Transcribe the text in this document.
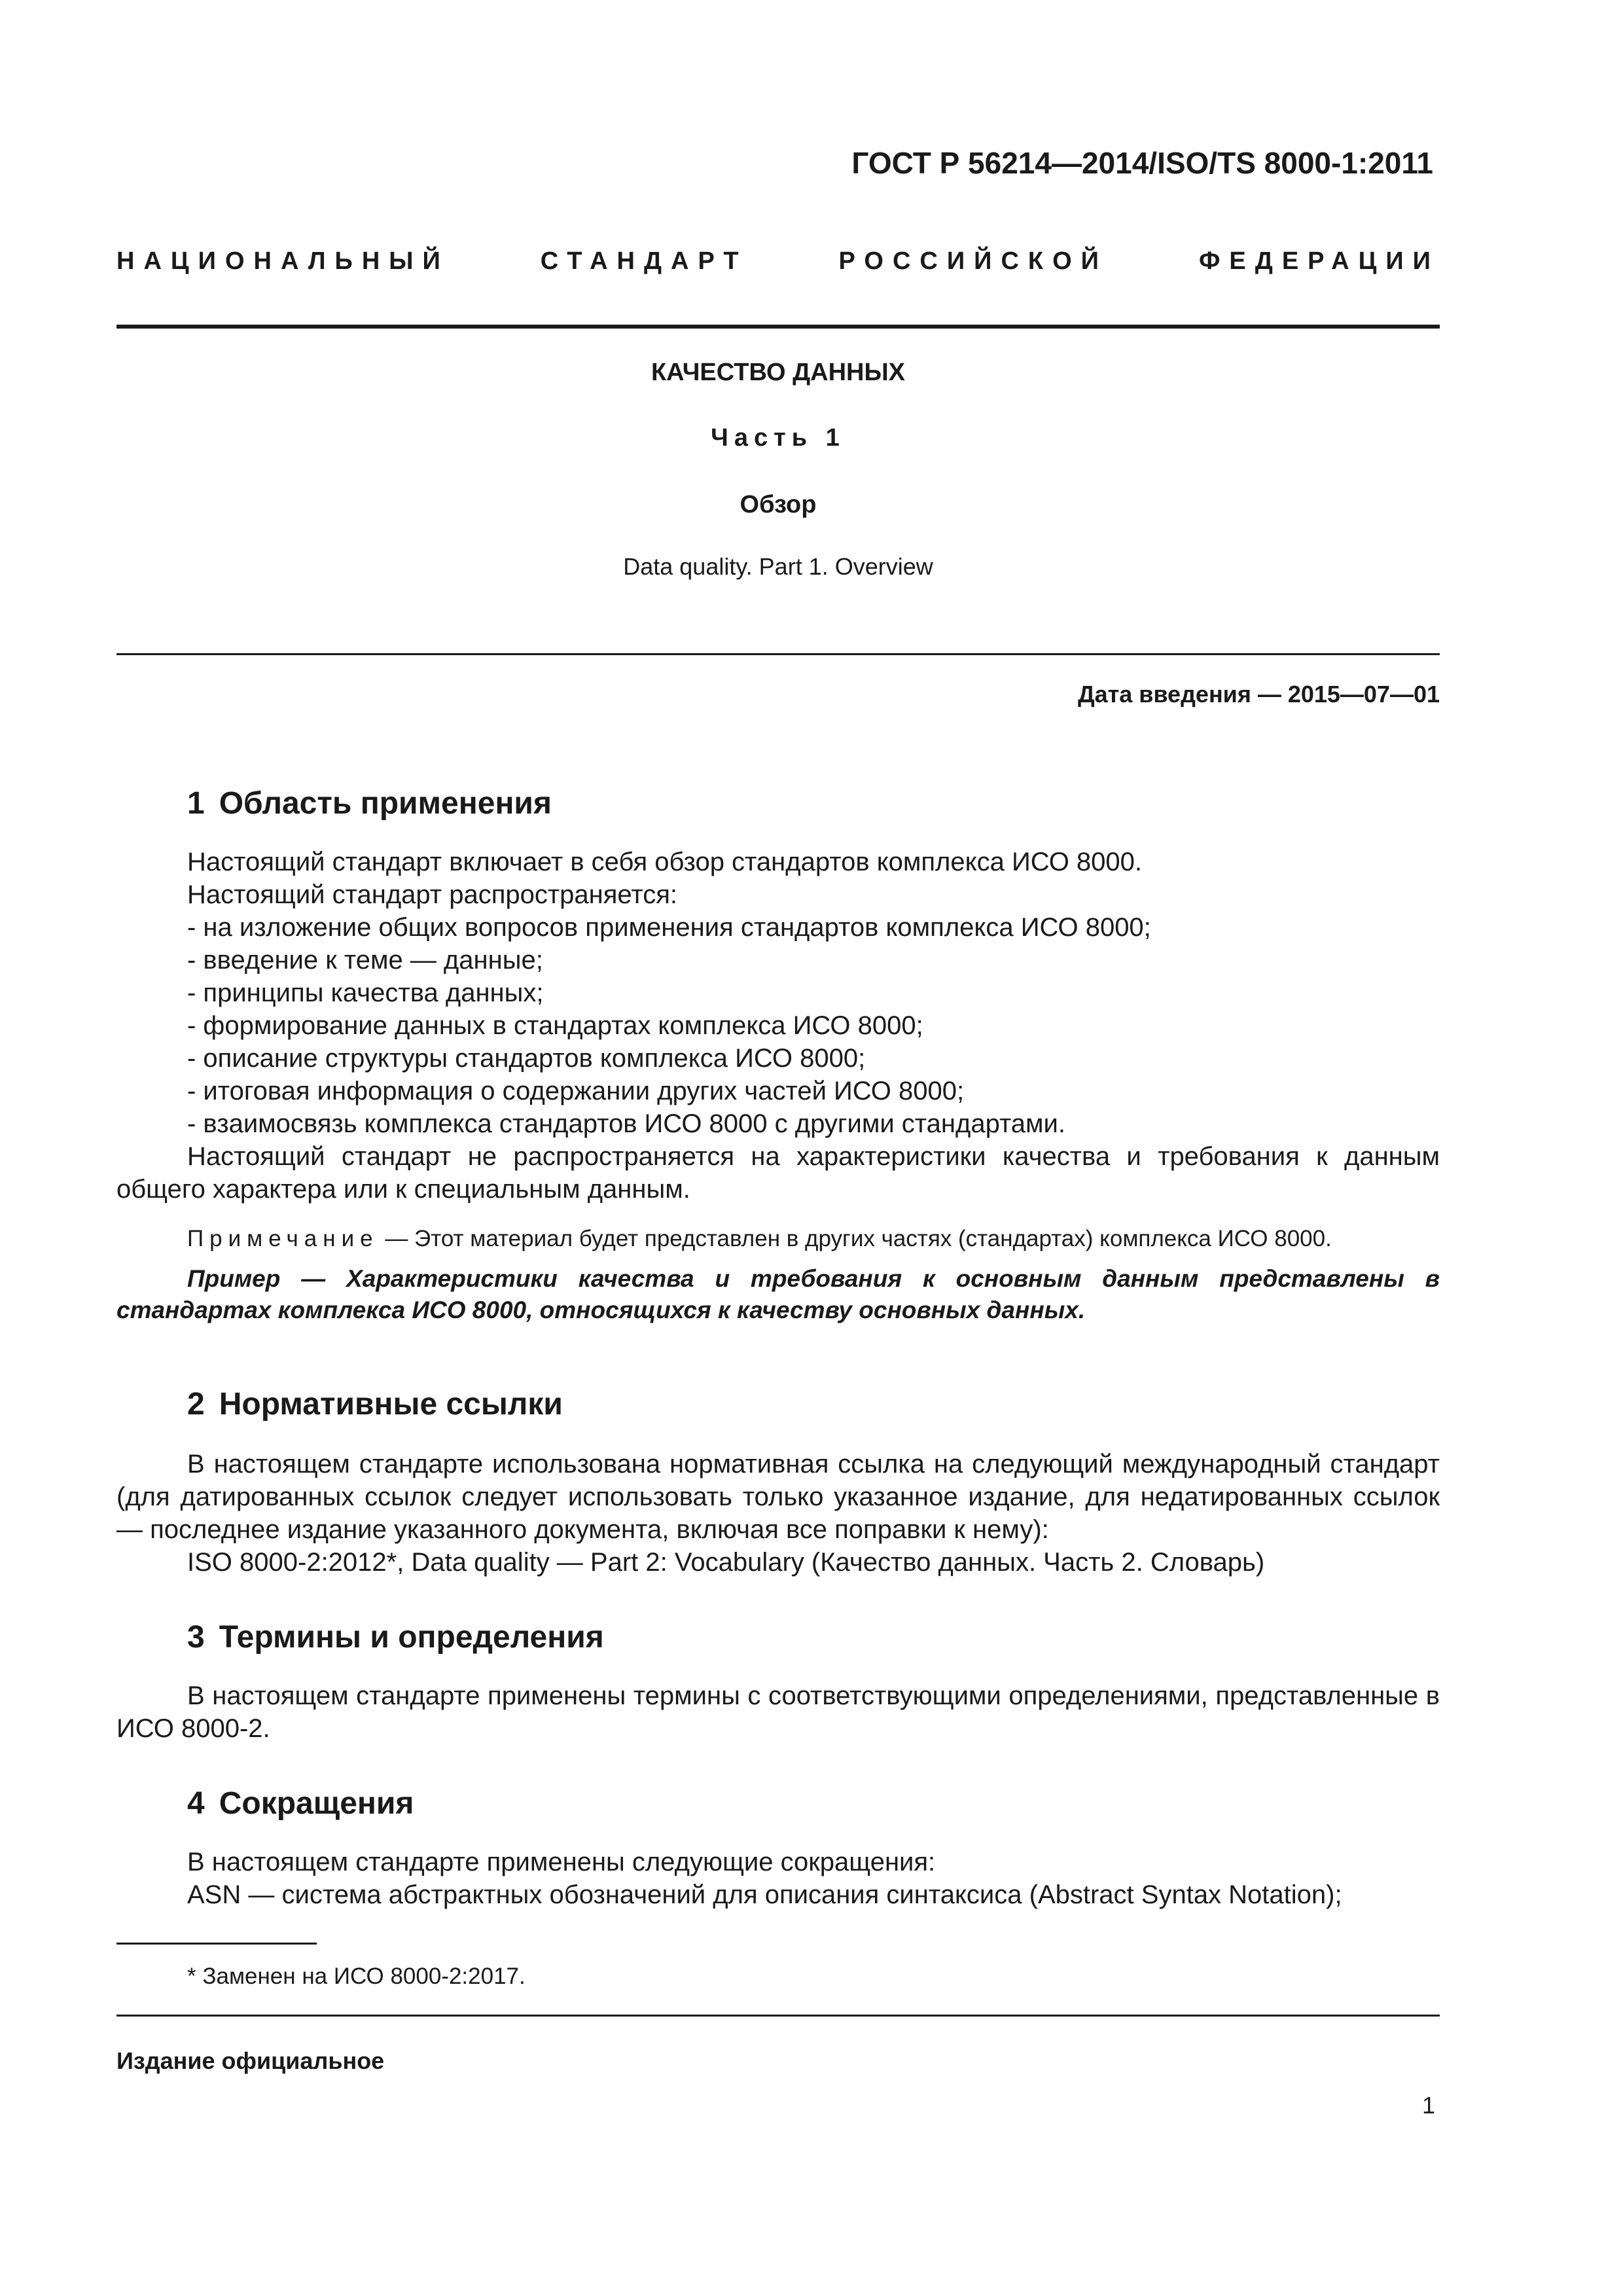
ГОСТ Р 56214—2014/ISO/TS 8000-1:2011
НАЦИОНАЛЬНЫЙ СТАНДАРТ РОССИЙСКОЙ ФЕДЕРАЦИИ
КАЧЕСТВО ДАННЫХ
Часть 1
Обзор
Data quality. Part 1. Overview
Дата введения — 2015—07—01
1 Область применения

Настоящий стандарт включает в себя обзор стандартов комплекса ИСО 8000.

Настоящий стандарт распространяется:

- на изложение общих вопросов применения стандартов комплекса ИСО 8000;

- введение к теме — данные;

- принципы качества данных;

- формирование данных в стандартах комплекса ИСО 8000;

- описание структуры стандартов комплекса ИСО 8000;

- итоговая информация о содержании других частей ИСО 8000;

- взаимосвязь комплекса стандартов ИСО 8000 с другими стандартами.

Настоящий стандарт не распространяется на характеристики качества и требования к данным общего характера или к специальным данным.

Примечание — Этот материал будет представлен в других частях (стандартах) комплекса ИСО 8000.
Пример — Характеристики качества и требования к основным данным представлены в стандартах комплекса ИСО 8000, относящихся к качеству основных данных.
2 Нормативные ссылки

В настоящем стандарте использована нормативная ссылка на следующий международный стандарт (для датированных ссылок следует использовать только указанное издание, для недатированных ссылок — последнее издание указанного документа, включая все поправки к нему):

ISO 8000-2:2012*, Data quality — Part 2: Vocabulary (Качество данных. Часть 2. Словарь)

3 Термины и определения

В настоящем стандарте применены термины с соответствующими определениями, представленные в ИСО 8000-2.

4 Сокращения

В настоящем стандарте применены следующие сокращения:

ASN — система абстрактных обозначений для описания синтаксиса (Abstract Syntax Notation);

* Заменен на ИСО 8000-2:2017.
Издание официальное
1
